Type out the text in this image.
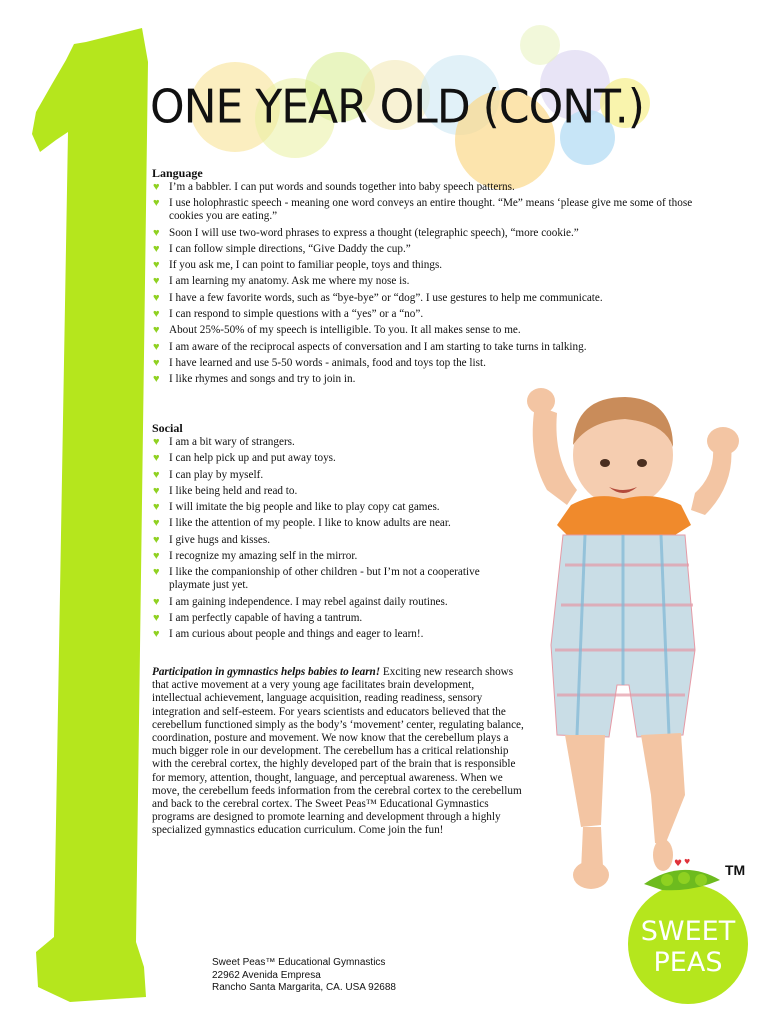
ONE YEAR OLD (CONT.)
Language
♥ I’m a babbler. I can put words and sounds together into baby speech patterns.
♥ I use holophrastic speech - meaning one word conveys an entire thought. “Me” means ‘please give me some of those cookies you are eating.”
♥ Soon I will use two-word phrases to express a thought (telegraphic speech), “more cookie.”
♥ I can follow simple directions, “Give Daddy the cup.”
♥ If you ask me, I can point to familiar people, toys and things.
♥ I am learning my anatomy. Ask me where my nose is.
♥ I have a few favorite words, such as “bye-bye” or “dog”. I use gestures to help me communicate.
♥ I can respond to simple questions with a “yes” or a “no”.
♥ About 25%-50% of my speech is intelligible. To you. It all makes sense to me.
♥ I am aware of the reciprocal aspects of conversation and I am starting to take turns in talking.
♥ I have learned and use 5-50 words - animals, food and toys top the list.
♥ I like rhymes and songs and try to join in.
Social
♥ I am a bit wary of strangers.
♥ I can help pick up and put away toys.
♥ I can play by myself.
♥ I like being held and read to.
♥ I will imitate the big people and like to play copy cat games.
♥ I like the attention of my people. I like to know adults are near.
♥ I give hugs and kisses.
♥ I recognize my amazing self in the mirror.
♥ I like the companionship of other children - but I’m not a cooperative playmate just yet.
♥ I am gaining independence. I may rebel against daily routines.
♥ I am perfectly capable of having a tantrum.
♥ I am curious about people and things and eager to learn!.

Participation in gymnastics helps babies to learn! Exciting new research shows that active movement at a very young age facilitates brain development, intellectual achievement, language acquisition, reading readiness, sensory integration and self-esteem. For years scientists and educators believed that the cerebellum functioned simply as the body’s ‘movement’ center, regulating balance, coordination, posture and movement. We now know that the cerebellum plays a much bigger role in our development. The cerebellum has a critical relationship with the cerebral cortex, the highly developed part of the brain that is responsible for memory, attention, thought, language, and perceptual awareness. When we move, the cerebellum feeds information from the cerebral cortex to the cerebellum and back to the cerebral cortex. The Sweet Peas™ Educational Gymnastics programs are designed to promote learning and development through a highly specialized gymnastics education curriculum. Come join the fun!

♥ ♥
SWEET
PEAS
TM
Sweet Peas™ Educational Gymnastics
22962 Avenida Empresa
Rancho Santa Margarita, CA. USA 92688
